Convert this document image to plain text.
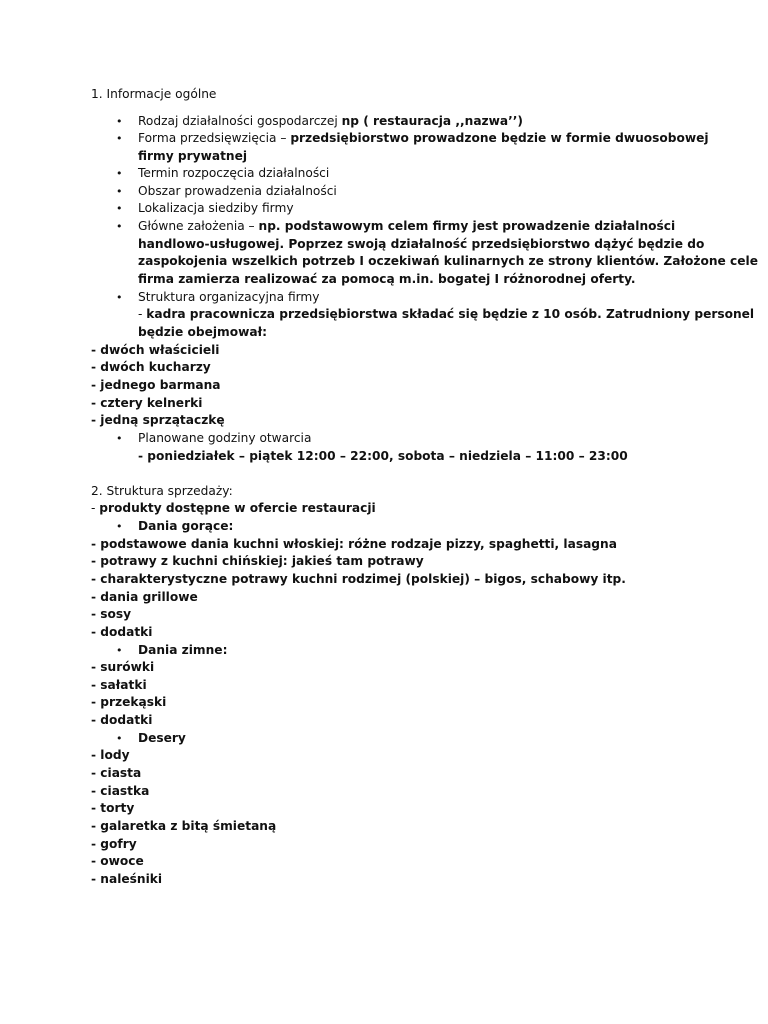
1. Informacje ogólne
• Rodzaj działalności gospodarczej np ( restauracja ,,nazwa’’)
• Forma przedsięwzięcia – przedsiębiorstwo prowadzone będzie w formie dwuosobowej
firmy prywatnej
• Termin rozpoczęcia działalności
• Obszar prowadzenia działalności
• Lokalizacja siedziby firmy
• Główne założenia – np. podstawowym celem firmy jest prowadzenie działalności
handlowo-usługowej. Poprzez swoją działalność przedsiębiorstwo dążyć będzie do
zaspokojenia wszelkich potrzeb I oczekiwań kulinarnych ze strony klientów. Założone cele
firma zamierza realizować za pomocą m.in. bogatej I różnorodnej oferty.
• Struktura organizacyjna firmy
- kadra pracownicza przedsiębiorstwa składać się będzie z 10 osób. Zatrudniony personel
będzie obejmował:
- dwóch właścicieli
- dwóch kucharzy
- jednego barmana
- cztery kelnerki
- jedną sprzątaczkę
• Planowane godziny otwarcia
- poniedziałek – piątek 12:00 – 22:00, sobota – niedziela – 11:00 – 23:00
2. Struktura sprzedaży:
- produkty dostępne w ofercie restauracji
• Dania gorące:
- podstawowe dania kuchni włoskiej: różne rodzaje pizzy, spaghetti, lasagna
- potrawy z kuchni chińskiej: jakieś tam potrawy
- charakterystyczne potrawy kuchni rodzimej (polskiej) – bigos, schabowy itp.
- dania grillowe
- sosy
- dodatki
• Dania zimne:
- surówki
- sałatki
- przekąski
- dodatki
• Desery
- lody
- ciasta
- ciastka
- torty
- galaretka z bitą śmietaną
- gofry
- owoce
- naleśniki
